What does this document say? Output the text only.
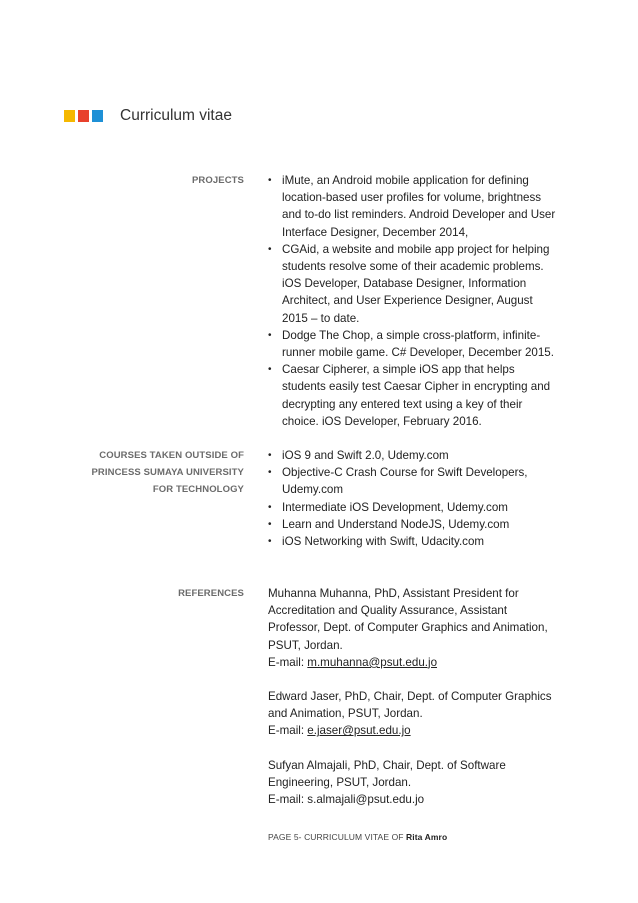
Curriculum vitae
PROJECTS
•	iMute, an Android mobile application for defining location-based user profiles for volume, brightness and to-do list reminders. Android Developer and User Interface Designer, December 2014,
• CGAid, a website and mobile app project for helping students resolve some of their academic problems. iOS Developer, Database Designer, Information Architect, and User Experience Designer, August 2015 – to date.
• Dodge The Chop, a simple cross-platform, infinite-runner mobile game. C# Developer, December 2015.
• Caesar Cipherer, a simple iOS app that helps students easily test Caesar Cipher in encrypting and decrypting any entered text using a key of their choice. iOS Developer, February 2016.
COURSES TAKEN OUTSIDE OF
PRINCESS SUMAYA UNIVERSITY
FOR TECHNOLOGY
• iOS 9 and Swift 2.0, Udemy.com
• Objective-C Crash Course for Swift Developers, Udemy.com
• Intermediate iOS Development, Udemy.com
• Learn and Understand NodeJS, Udemy.com
• iOS Networking with Swift, Udacity.com
REFERENCES Muhanna Muhanna, PhD, Assistant President for Accreditation and Quality Assurance, Assistant Professor, Dept. of Computer Graphics and Animation, PSUT, Jordan.

E-mail: m.muhanna@psut.edu.jo

Edward Jaser, PhD, Chair, Dept. of Computer Graphics and Animation, PSUT, Jordan.

E-mail: e.jaser@psut.edu.jo

Sufyan Almajali, PhD, Chair, Dept. of Software Engineering, PSUT, Jordan.

E-mail: s.almajali@psut.edu.jo

PAGE 5- CURRICULUM VITAE OF Rita Amro
